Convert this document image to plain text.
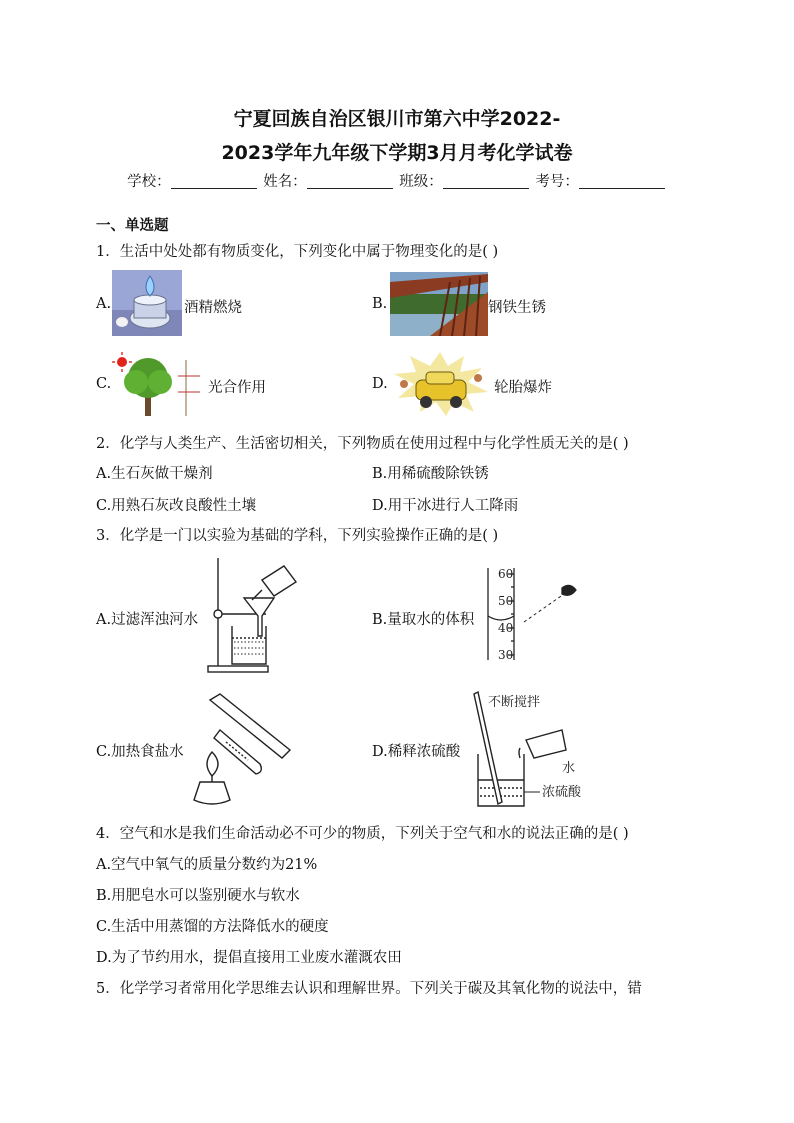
宁夏回族自治区银川市第六中学2022-
2023学年九年级下学期3月月考化学试卷
学校：	姓名：	班级：	考号：
一、单选题
1．生活中处处都有物质变化，下列变化中属于物理变化的是( )
A.	酒精燃烧	B.	钢铁生锈
C.	光合作用	D.	轮胎爆炸
2．化学与人类生产、生活密切相关，下列物质在使用过程中与化学性质无关的是( )
A.生石灰做干燥剂	B.用稀硫酸除铁锈
C.用熟石灰改良酸性土壤	D.用干冰进行人工降雨
3．化学是一门以实验为基础的学科，下列实验操作正确的是( )
A.过滤浑浊河水	B.量取水的体积
60
50
40
30
C.加热食盐水	D.稀释浓硫酸
不断搅拌
水
浓硫酸
4．空气和水是我们生命活动必不可少的物质，下列关于空气和水的说法正确的是( )
A.空气中氧气的质量分数约为21%
B.用肥皂水可以鉴别硬水与软水
C.生活中用蒸馏的方法降低水的硬度
D.为了节约用水，提倡直接用工业废水灌溉农田
5．化学学习者常用化学思维去认识和理解世界。下列关于碳及其氧化物的说法中，错
